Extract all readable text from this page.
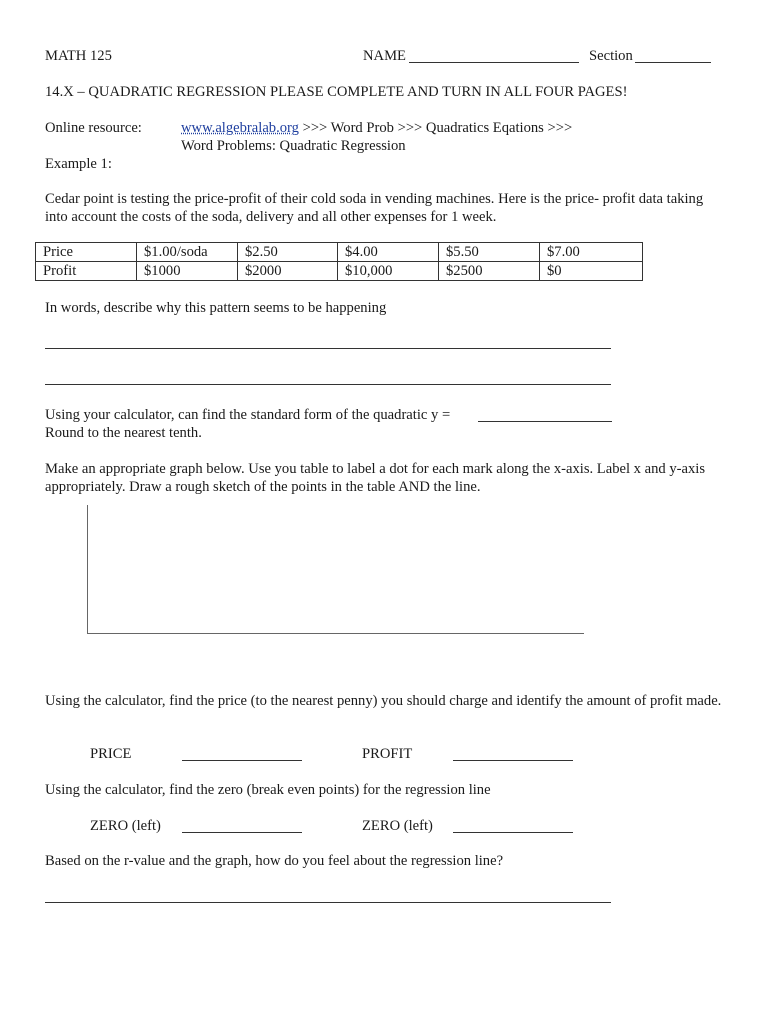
MATH 125	NAME	Section
14.X – QUADRATIC REGRESSION PLEASE COMPLETE AND TURN IN ALL FOUR PAGES!
Online resource:	www.algebralab.org >>> Word Prob >>> Quadratics Eqations >>>
Word Problems: Quadratic Regression
Example 1:
Cedar point is testing the price-profit of their cold soda in vending machines. Here is the price- profit data taking into account the costs of the soda, delivery and all other expenses for 1 week.
Price	$1.00/soda	$2.50	$4.00	$5.50	$7.00
Profit	$1000	$2000	$10,000	$2500	$0
In words, describe why this pattern seems to be happening
Using your calculator, can find the standard form of the quadratic y =
Round to the nearest tenth.
Make an appropriate graph below. Use you table to label a dot for each mark along the x-axis. Label x and y-axis appropriately. Draw a rough sketch of the points in the table AND the line.
Using the calculator, find the price (to the nearest penny) you should charge and identify the amount of profit made.
PRICE	PROFIT
Using the calculator, find the zero (break even points) for the regression line
ZERO (left)	ZERO (left)
Based on the r-value and the graph, how do you feel about the regression line?
